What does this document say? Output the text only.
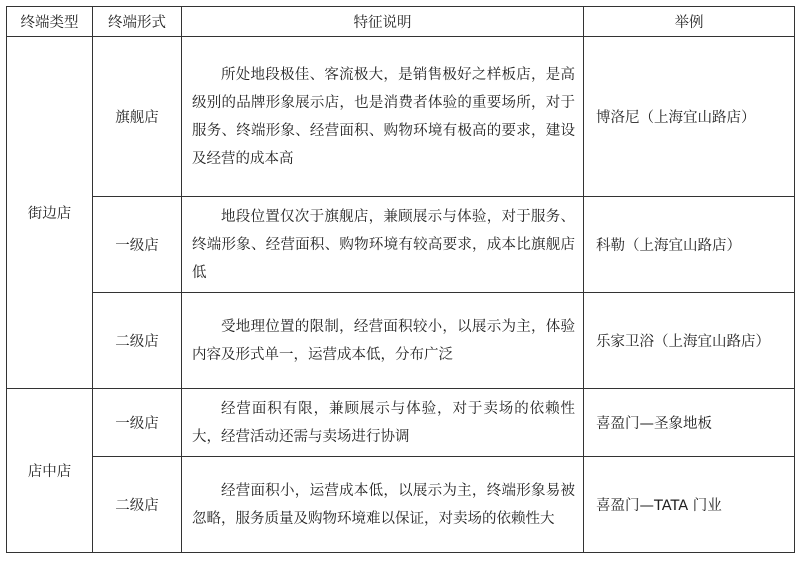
终端类型	终端形式	特征说明	举例
街边店	旗舰店	所处地段极佳、客流极大，是销售极好之样板店，是高级别的品牌形象展示店，也是消费者体验的重要场所，对于服务、终端形象、经营面积、购物环境有极高的要求，建设及经营的成本高	博洛尼（上海宜山路店）
	一级店	地段位置仅次于旗舰店，兼顾展示与体验，对于服务、终端形象、经营面积、购物环境有较高要求，成本比旗舰店低	科勒（上海宜山路店）
	二级店	受地理位置的限制，经营面积较小，以展示为主，体验内容及形式单一，运营成本低，分布广泛	乐家卫浴（上海宜山路店）
店中店	一级店	经营面积有限，兼顾展示与体验，对于卖场的依赖性大，经营活动还需与卖场进行协调	喜盈门—圣象地板
	二级店	经营面积小，运营成本低，以展示为主，终端形象易被忽略，服务质量及购物环境难以保证，对卖场的依赖性大	喜盈门—TATA 门业
